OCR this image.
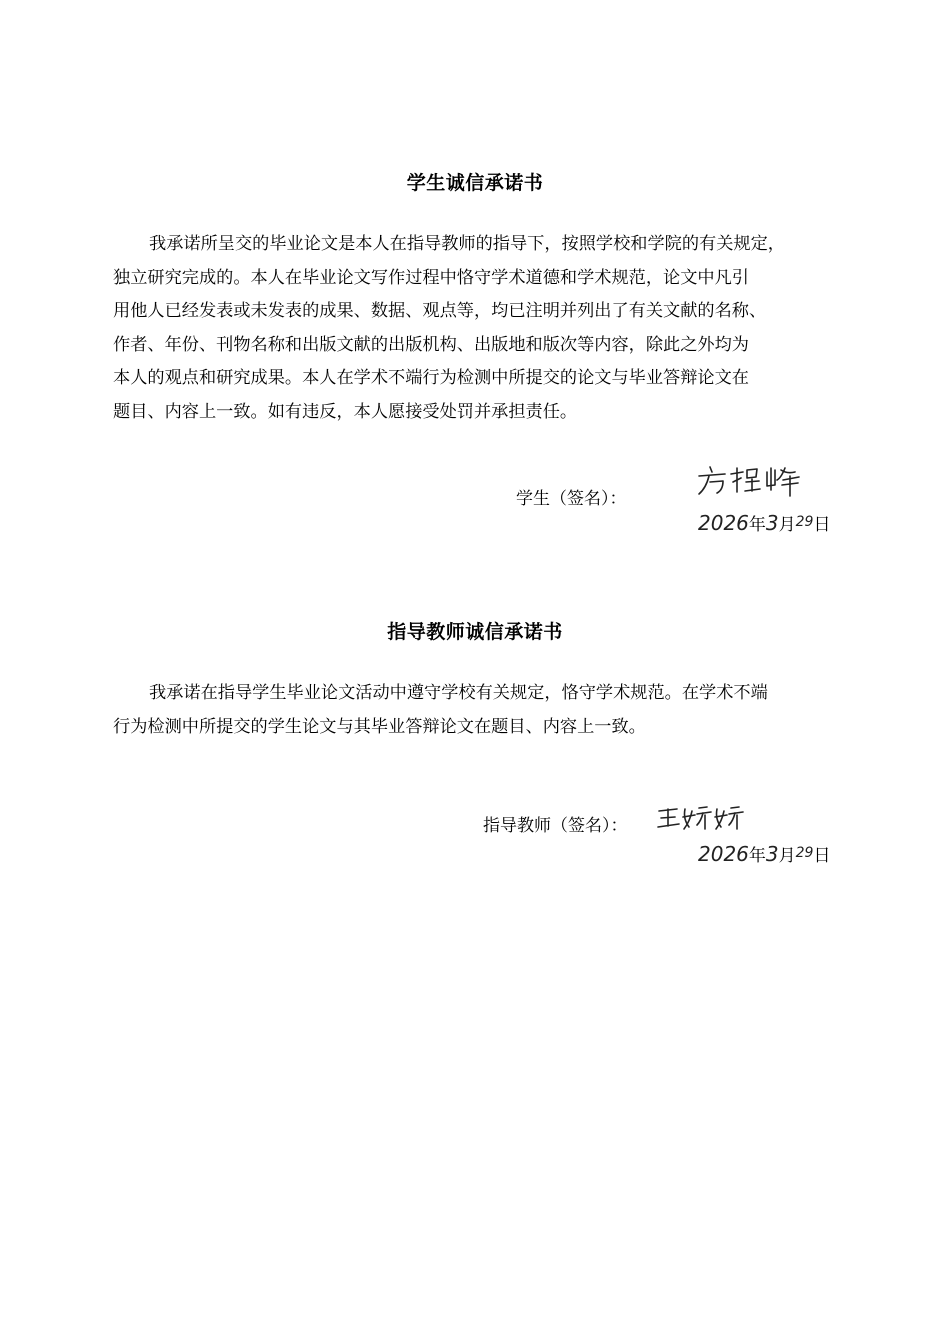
学生诚信承诺书
我承诺所呈交的毕业论文是本人在指导教师的指导下，按照学校和学院的有关规定，
独立研究完成的。本人在毕业论文写作过程中恪守学术道德和学术规范，论文中凡引
用他人已经发表或未发表的成果、数据、观点等，均已注明并列出了有关文献的名称、
作者、年份、刊物名称和出版文献的出版机构、出版地和版次等内容，除此之外均为
本人的观点和研究成果。本人在学术不端行为检测中所提交的论文与毕业答辩论文在
题目、内容上一致。如有违反，本人愿接受处罚并承担责任。
学生（签名）：
2026年3月$^{29}$日
指导教师诚信承诺书
我承诺在指导学生毕业论文活动中遵守学校有关规定，恪守学术规范。在学术不端
行为检测中所提交的学生论文与其毕业答辩论文在题目、内容上一致。
指导教师（签名）：
2026年3月$^{29}$日
